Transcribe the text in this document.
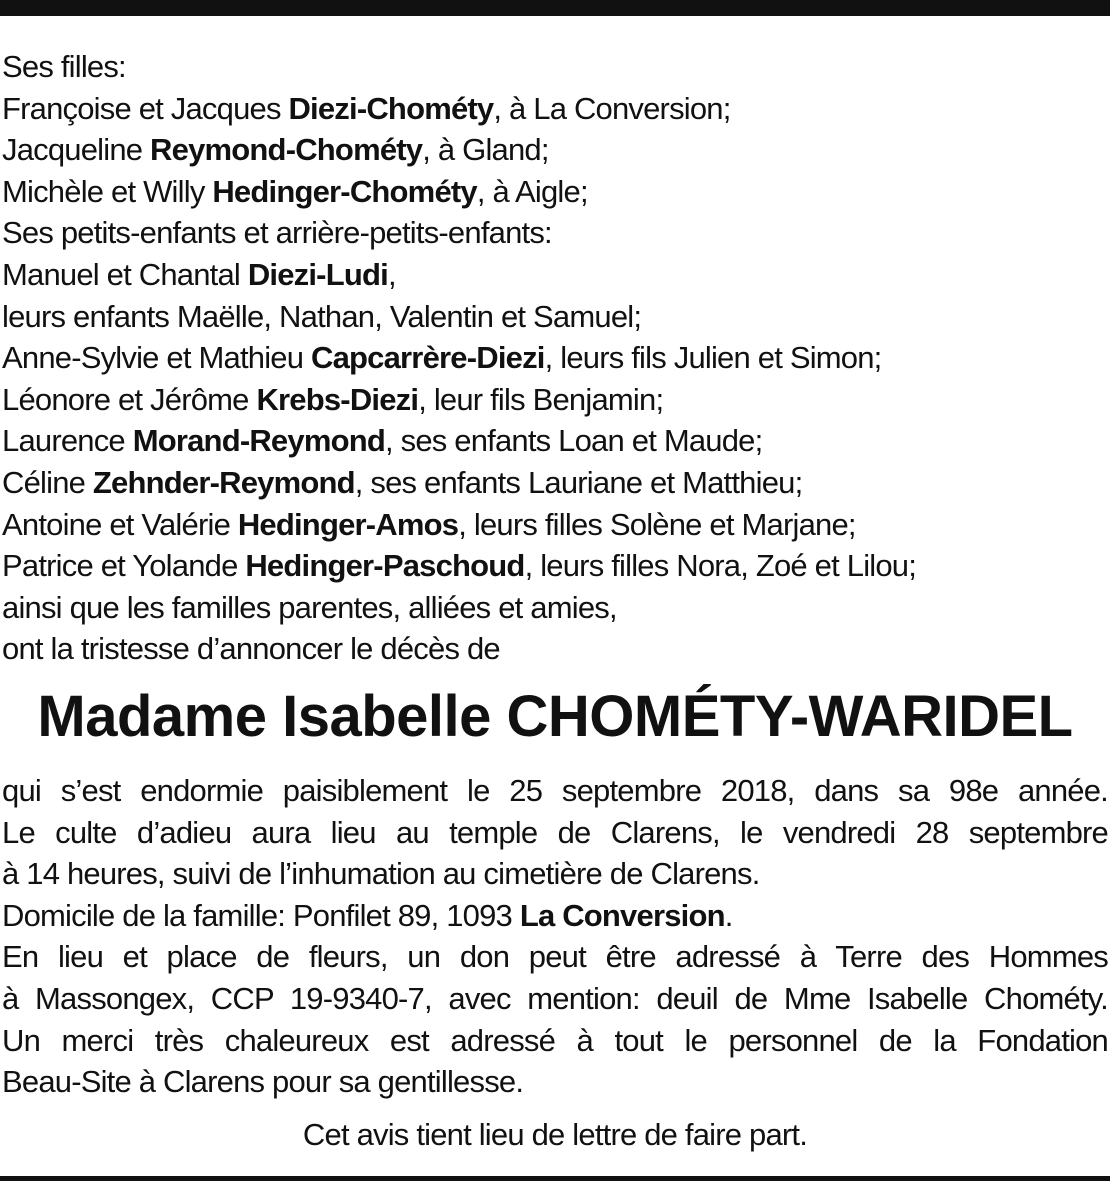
Ses filles:
Françoise et Jacques Diezi-Chométy, à La Conversion;
Jacqueline Reymond-Chométy, à Gland;
Michèle et Willy Hedinger-Chométy, à Aigle;
Ses petits-enfants et arrière-petits-enfants:
Manuel et Chantal Diezi-Ludi,
leurs enfants Maëlle, Nathan, Valentin et Samuel;
Anne-Sylvie et Mathieu Capcarrère-Diezi, leurs fils Julien et Simon;
Léonore et Jérôme Krebs-Diezi, leur fils Benjamin;
Laurence Morand-Reymond, ses enfants Loan et Maude;
Céline Zehnder-Reymond, ses enfants Lauriane et Matthieu;
Antoine et Valérie Hedinger-Amos, leurs filles Solène et Marjane;
Patrice et Yolande Hedinger-Paschoud, leurs filles Nora, Zoé et Lilou;
ainsi que les familles parentes, alliées et amies,
ont la tristesse d’annoncer le décès de
Madame Isabelle CHOMÉTY-WARIDEL
qui s’est endormie paisiblement le 25 septembre 2018, dans sa 98e année.
Le culte d’adieu aura lieu au temple de Clarens, le vendredi 28 septembre
à 14 heures, suivi de l’inhumation au cimetière de Clarens.
Domicile de la famille: Ponfilet 89, 1093 La Conversion.
En lieu et place de fleurs, un don peut être adressé à Terre des Hommes
à Massongex, CCP 19-9340-7, avec mention: deuil de Mme Isabelle Chométy.
Un merci très chaleureux est adressé à tout le personnel de la Fondation
Beau-Site à Clarens pour sa gentillesse.
Cet avis tient lieu de lettre de faire part.
